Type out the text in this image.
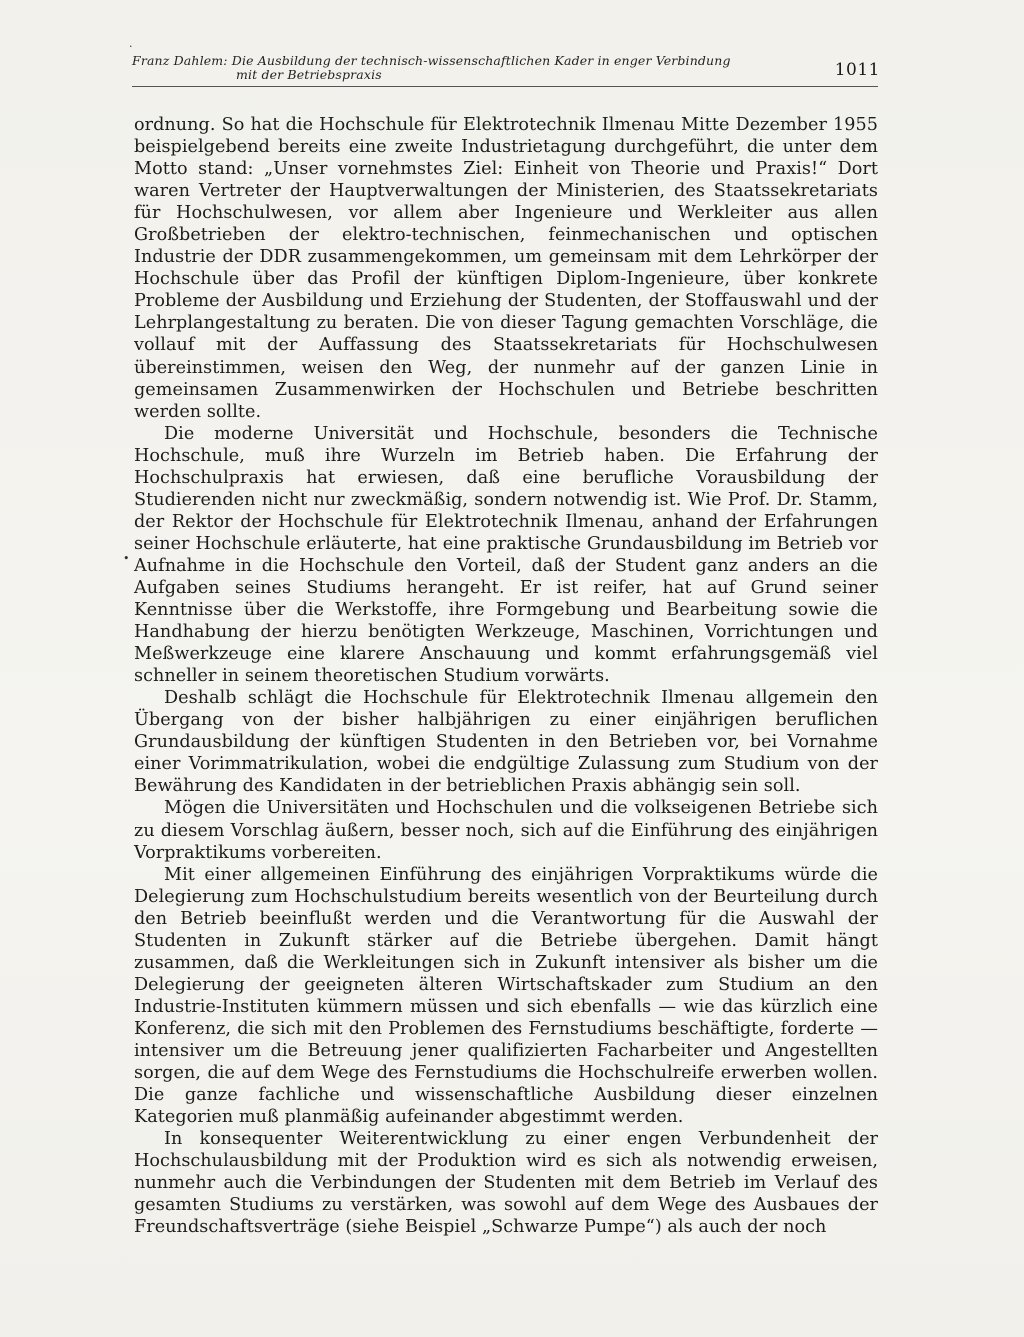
Franz Dahlem: Die Ausbildung der technisch-wissenschaftlichen Kader in enger Verbindung
mit der Betriebspraxis	1011

ordnung. So hat die Hochschule für Elektrotechnik Ilmenau Mitte Dezember 1955 beispielgebend bereits eine zweite Industrietagung durchgeführt, die unter dem Motto stand: „Unser vornehmstes Ziel: Einheit von Theorie und Praxis!“ Dort waren Vertreter der Hauptverwaltungen der Ministerien, des Staatssekretariats für Hochschulwesen, vor allem aber Ingenieure und Werkleiter aus allen Großbetrieben der elektro-technischen, feinmechanischen und optischen Industrie der DDR zusammengekommen, um gemeinsam mit dem Lehrkörper der Hochschule über das Profil der künftigen Diplom-Ingenieure, über konkrete Probleme der Ausbildung und Erziehung der Studenten, der Stoffauswahl und der Lehrplangestaltung zu beraten. Die von dieser Tagung gemachten Vorschläge, die vollauf mit der Auffassung des Staatssekretariats für Hochschulwesen übereinstimmen, weisen den Weg, der nunmehr auf der ganzen Linie in gemeinsamen Zusammenwirken der Hochschulen und Betriebe beschritten werden sollte.

Die moderne Universität und Hochschule, besonders die Technische Hochschule, muß ihre Wurzeln im Betrieb haben. Die Erfahrung der Hochschulpraxis hat erwiesen, daß eine berufliche Vorausbildung der Studierenden nicht nur zweckmäßig, sondern notwendig ist. Wie Prof. Dr. Stamm, der Rektor der Hochschule für Elektrotechnik Ilmenau, anhand der Erfahrungen seiner Hochschule erläuterte, hat eine praktische Grundausbildung im Betrieb vor Aufnahme in die Hochschule den Vorteil, daß der Student ganz anders an die Aufgaben seines Studiums herangeht. Er ist reifer, hat auf Grund seiner Kenntnisse über die Werkstoffe, ihre Formgebung und Bearbeitung sowie die Handhabung der hierzu benötigten Werkzeuge, Maschinen, Vorrichtungen und Meßwerkzeuge eine klarere Anschauung und kommt erfahrungsgemäß viel schneller in seinem theoretischen Studium vorwärts.

Deshalb schlägt die Hochschule für Elektrotechnik Ilmenau allgemein den Übergang von der bisher halbjährigen zu einer einjährigen beruflichen Grundausbildung der künftigen Studenten in den Betrieben vor, bei Vornahme einer Vorimmatrikulation, wobei die endgültige Zulassung zum Studium von der Bewährung des Kandidaten in der betrieblichen Praxis abhängig sein soll.

Mögen die Universitäten und Hochschulen und die volkseigenen Betriebe sich zu diesem Vorschlag äußern, besser noch, sich auf die Einführung des einjährigen Vorpraktikums vorbereiten.

Mit einer allgemeinen Einführung des einjährigen Vorpraktikums würde die Delegierung zum Hochschulstudium bereits wesentlich von der Beurteilung durch den Betrieb beeinflußt werden und die Verantwortung für die Auswahl der Studenten in Zukunft stärker auf die Betriebe übergehen. Damit hängt zusammen, daß die Werkleitungen sich in Zukunft intensiver als bisher um die Delegierung der geeigneten älteren Wirtschaftskader zum Studium an den Industrie-Instituten kümmern müssen und sich ebenfalls — wie das kürzlich eine Konferenz, die sich mit den Problemen des Fernstudiums beschäftigte, forderte — intensiver um die Betreuung jener qualifizierten Facharbeiter und Angestellten sorgen, die auf dem Wege des Fernstudiums die Hochschulreife erwerben wollen. Die ganze fachliche und wissenschaftliche Ausbildung dieser einzelnen Kategorien muß planmäßig aufeinander abgestimmt werden.

In konsequenter Weiterentwicklung zu einer engen Verbundenheit der Hochschulausbildung mit der Produktion wird es sich als notwendig erweisen, nunmehr auch die Verbindungen der Studenten mit dem Betrieb im Verlauf des gesamten Studiums zu verstärken, was sowohl auf dem Wege des Ausbaues der Freundschaftsverträge (siehe Beispiel „Schwarze Pumpe“) als auch der noch

·
•
